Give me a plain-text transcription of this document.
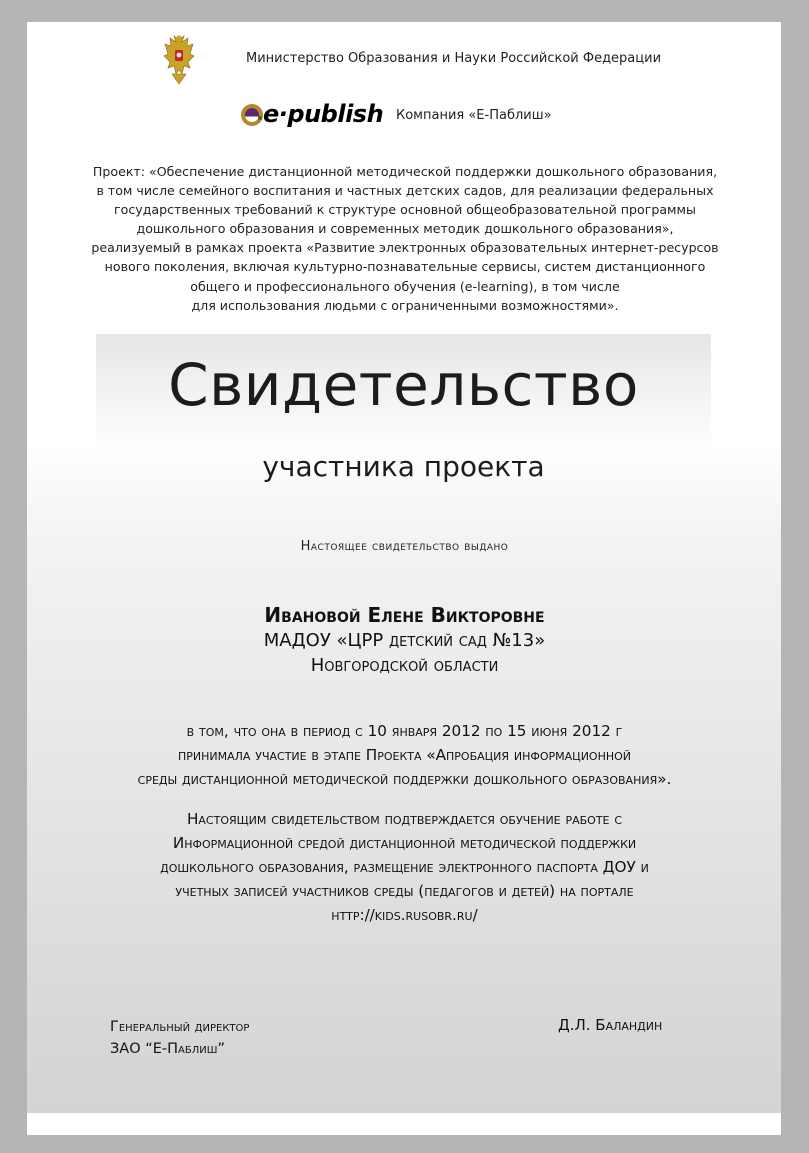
Министерство Образования и Науки Российской Федерации
e·publish Компания «Е-Паблиш»
Проект: «Обеспечение дистанционной методической поддержки дошкольного образования,
в том числе семейного воспитания и частных детских садов, для реализации федеральных
государственных требований к структуре основной общеобразовательной программы
дошкольного образования и современных методик дошкольного образования»,
реализуемый в рамках проекта «Развитие электронных образовательных интернет-ресурсов
нового поколения, включая культурно-познавательные сервисы, систем дистанционного
общего и профессионального обучения (e-learning), в том числе
для использования людьми с ограниченными возможностями».
Свидетельство
участника проекта
Настоящее свидетельство выдано
Ивановой Елене Викторовне
МАДОУ «ЦРР детский сад №13»
Новгородской области
в том, что она в период с 10 января 2012 по 15 июня 2012 г
принимала участие в этапе Проекта «Апробация информационной
среды дистанционной методической поддержки дошкольного образования».
Настоящим свидетельством подтверждается обучение работе с
Информационной средой дистанционной методической поддержки
дошкольного образования, размещение электронного паспорта ДОУ и
учетных записей участников среды (педагогов и детей) на портале
http://kids.rusobr.ru/
Генеральный директор
ЗАО “Е-Паблиш”
Д.Л. Баландин
